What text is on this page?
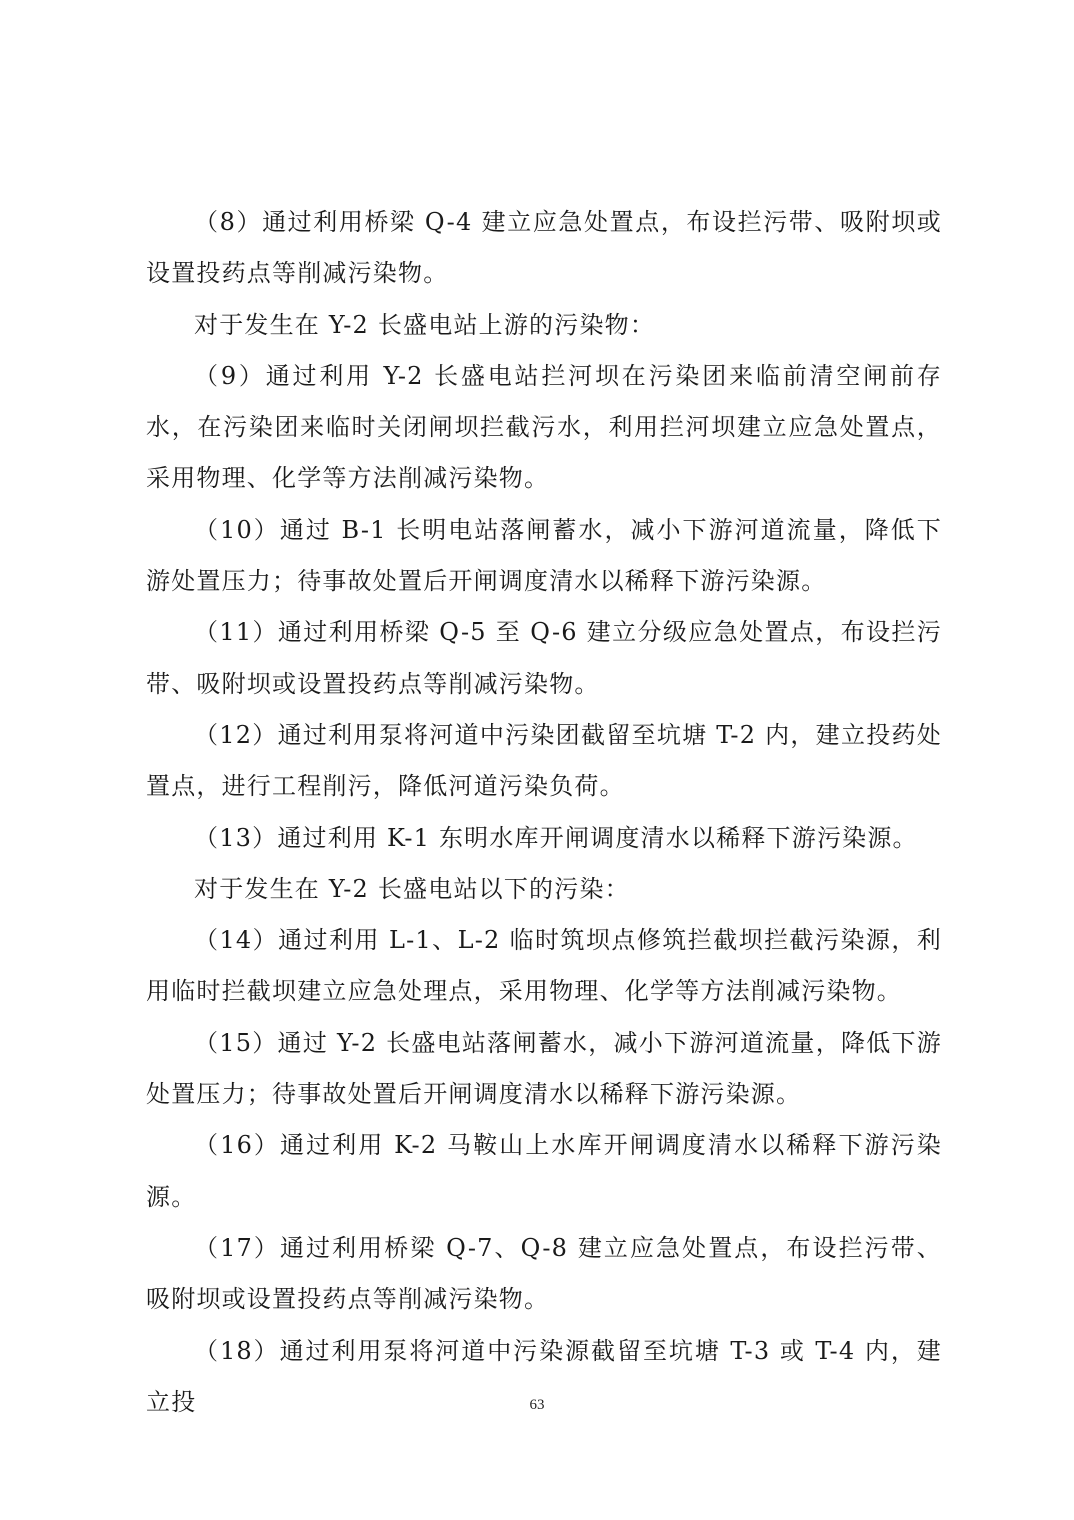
（8）通过利用桥梁 Q-4 建立应急处置点，布设拦污带、吸附坝或设置投药点等削减污染物。

对于发生在 Y-2 长盛电站上游的污染物：

（9）通过利用 Y-2 长盛电站拦河坝在污染团来临前清空闸前存水，在污染团来临时关闭闸坝拦截污水，利用拦河坝建立应急处置点，采用物理、化学等方法削减污染物。

（10）通过 B-1 长明电站落闸蓄水，减小下游河道流量，降低下游处置压力；待事故处置后开闸调度清水以稀释下游污染源。

（11）通过利用桥梁 Q-5 至 Q-6 建立分级应急处置点，布设拦污带、吸附坝或设置投药点等削减污染物。

（12）通过利用泵将河道中污染团截留至坑塘 T-2 内，建立投药处置点，进行工程削污，降低河道污染负荷。

（13）通过利用 K-1 东明水库开闸调度清水以稀释下游污染源。

对于发生在 Y-2 长盛电站以下的污染：

（14）通过利用 L-1、L-2 临时筑坝点修筑拦截坝拦截污染源，利用临时拦截坝建立应急处理点，采用物理、化学等方法削减污染物。

（15）通过 Y-2 长盛电站落闸蓄水，减小下游河道流量，降低下游处置压力；待事故处置后开闸调度清水以稀释下游污染源。

（16）通过利用 K-2 马鞍山上水库开闸调度清水以稀释下游污染源。

（17）通过利用桥梁 Q-7、Q-8 建立应急处置点，布设拦污带、吸附坝或设置投药点等削减污染物。

（18）通过利用泵将河道中污染源截留至坑塘 T-3 或 T-4 内，建立投	63
